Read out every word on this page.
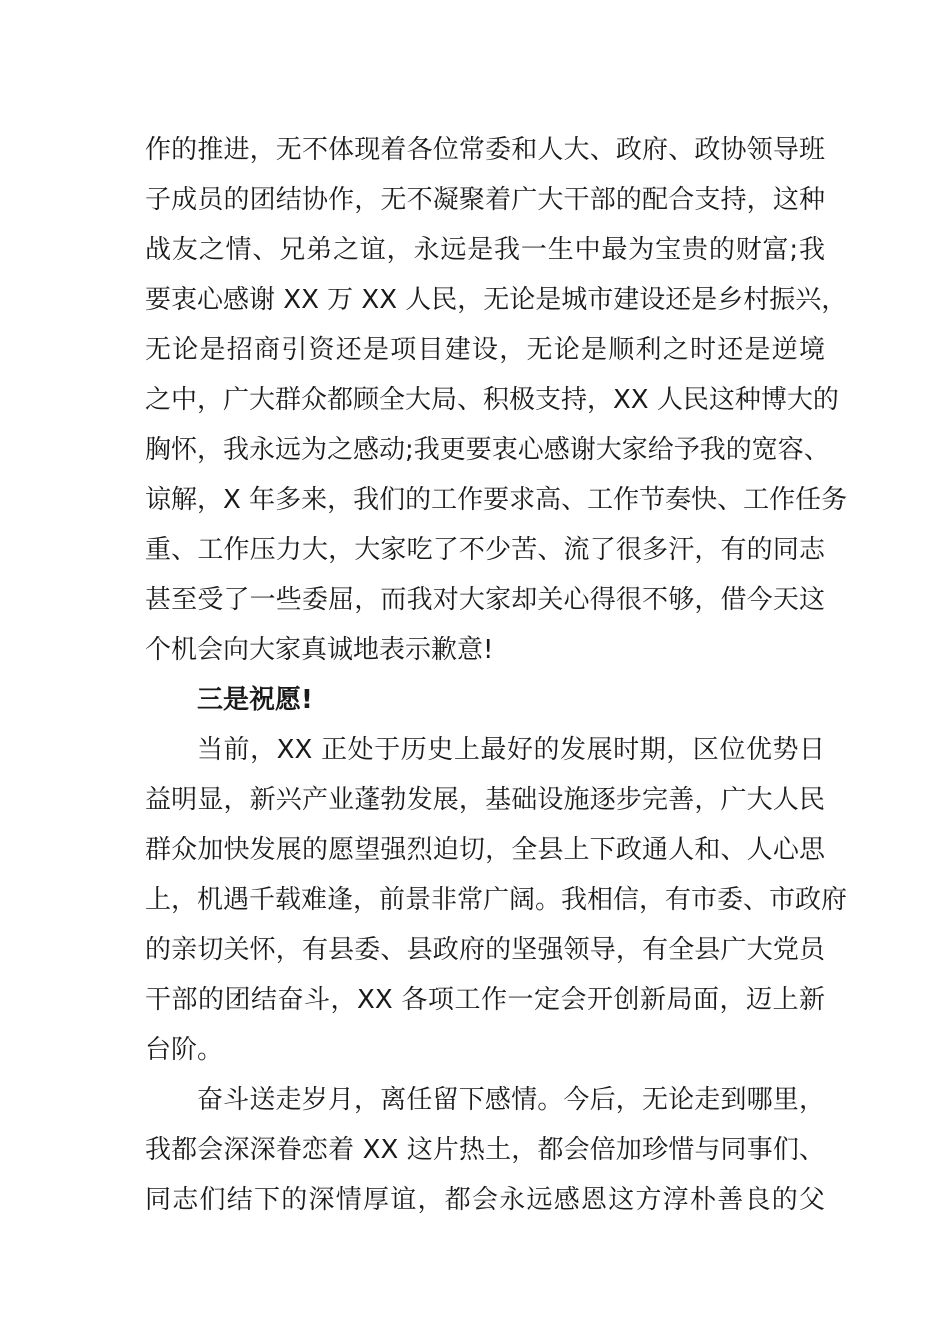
作的推进，无不体现着各位常委和人大、政府、政协领导班
子成员的团结协作，无不凝聚着广大干部的配合支持，这种
战友之情、兄弟之谊，永远是我一生中最为宝贵的财富;我
要衷心感谢 XX 万 XX 人民，无论是城市建设还是乡村振兴，
无论是招商引资还是项目建设，无论是顺利之时还是逆境
之中，广大群众都顾全大局、积极支持，XX 人民这种博大的
胸怀，我永远为之感动;我更要衷心感谢大家给予我的宽容、
谅解，X 年多来，我们的工作要求高、工作节奏快、工作任务
重、工作压力大，大家吃了不少苦、流了很多汗，有的同志
甚至受了一些委屈，而我对大家却关心得很不够，借今天这
个机会向大家真诚地表示歉意!
三是祝愿!
当前，XX 正处于历史上最好的发展时期，区位优势日
益明显，新兴产业蓬勃发展，基础设施逐步完善，广大人民
群众加快发展的愿望强烈迫切，全县上下政通人和、人心思
上，机遇千载难逢，前景非常广阔。我相信，有市委、市政府
的亲切关怀，有县委、县政府的坚强领导，有全县广大党员
干部的团结奋斗，XX 各项工作一定会开创新局面，迈上新
台阶。
奋斗送走岁月，离任留下感情。今后，无论走到哪里，
我都会深深眷恋着 XX 这片热土，都会倍加珍惜与同事们、
同志们结下的深情厚谊，都会永远感恩这方淳朴善良的父
